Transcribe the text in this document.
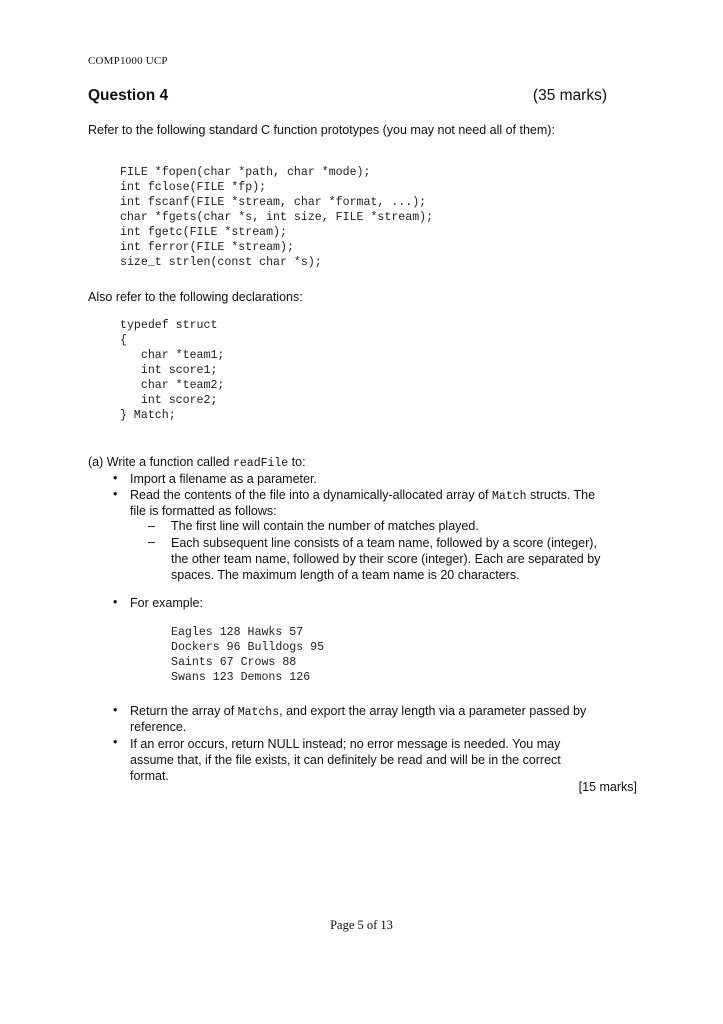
COMP1000 UCP
Question 4	(35 marks)
Refer to the following standard C function prototypes (you may not need all of them):
FILE *fopen(char *path, char *mode);
int fclose(FILE *fp);
int fscanf(FILE *stream, char *format, ...);
char *fgets(char *s, int size, FILE *stream);
int fgetc(FILE *stream);
int ferror(FILE *stream);
size_t strlen(const char *s);
Also refer to the following declarations:
typedef struct
{
char *team1;
int score1;
char *team2;
int score2;
} Match;
(a) Write a function called readFile to:
• Import a filename as a parameter.
• Read the contents of the file into a dynamically-allocated array of Match structs. The
file is formatted as follows:
– The first line will contain the number of matches played.
– Each subsequent line consists of a team name, followed by a score (integer),
the other team name, followed by their score (integer). Each are separated by
spaces. The maximum length of a team name is 20 characters.
• For example:
Eagles 128 Hawks 57
Dockers 96 Bulldogs 95
Saints 67 Crows 88
Swans 123 Demons 126
• Return the array of Matchs, and export the array length via a parameter passed by
reference.
• If an error occurs, return NULL instead; no error message is needed. You may
assume that, if the file exists, it can definitely be read and will be in the correct
format.
[15 marks]
Page 5 of 13
